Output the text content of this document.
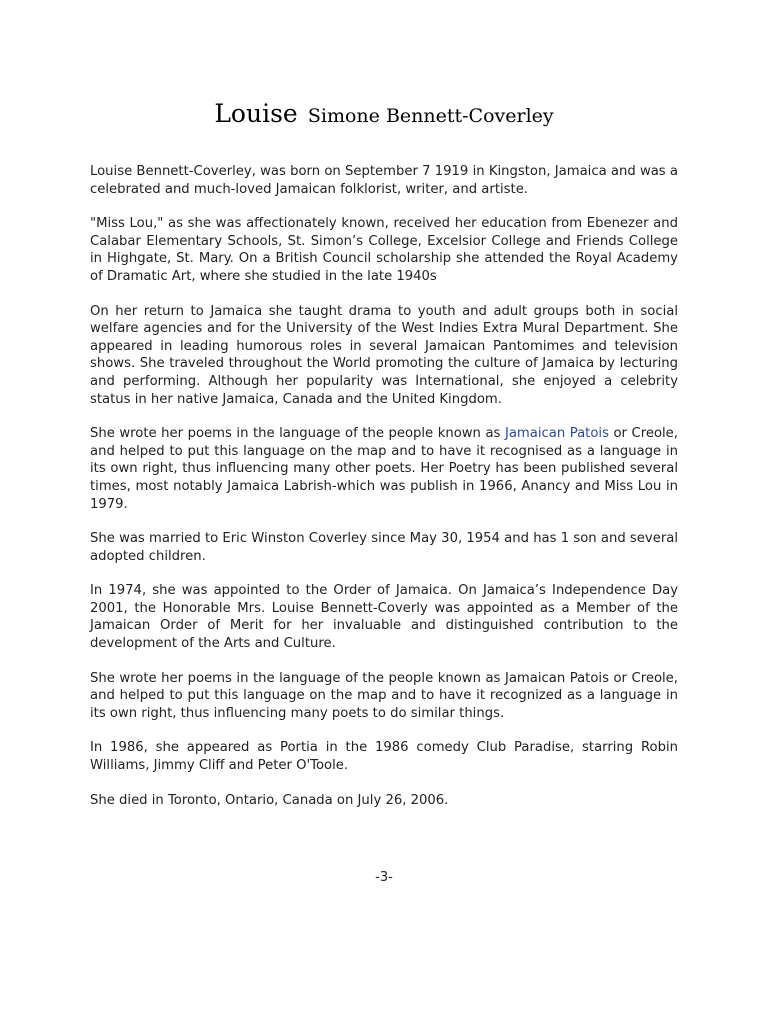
Louise Simone Bennett-Coverley

Louise Bennett-Coverley, was born on September 7 1919 in Kingston, Jamaica and was a celebrated and much-loved Jamaican folklorist, writer, and artiste.

"Miss Lou," as she was affectionately known, received her education from Ebenezer and Calabar Elementary Schools, St. Simon’s College, Excelsior College and Friends College in Highgate, St. Mary. On a British Council scholarship she attended the Royal Academy of Dramatic Art, where she studied in the late 1940s

On her return to Jamaica she taught drama to youth and adult groups both in social welfare agencies and for the University of the West Indies Extra Mural Department. She appeared in leading humorous roles in several Jamaican Pantomimes and television shows. She traveled throughout the World promoting the culture of Jamaica by lecturing and performing. Although her popularity was International, she enjoyed a celebrity status in her native Jamaica, Canada and the United Kingdom.

She wrote her poems in the language of the people known as Jamaican Patois or Creole, and helped to put this language on the map and to have it recognised as a language in its own right, thus influencing many other poets. Her Poetry has been published several times, most notably Jamaica Labrish-which was publish in 1966, Anancy and Miss Lou in 1979.

She was married to Eric Winston Coverley since May 30, 1954 and has 1 son and several adopted children.

In 1974, she was appointed to the Order of Jamaica. On Jamaica’s Independence Day 2001, the Honorable Mrs. Louise Bennett-Coverly was appointed as a Member of the Jamaican Order of Merit for her invaluable and distinguished contribution to the development of the Arts and Culture.

She wrote her poems in the language of the people known as Jamaican Patois or Creole, and helped to put this language on the map and to have it recognized as a language in its own right, thus influencing many poets to do similar things.

In 1986, she appeared as Portia in the 1986 comedy Club Paradise, starring Robin Williams, Jimmy Cliff and Peter O'Toole.

She died in Toronto, Ontario, Canada on July 26, 2006.

-3-
